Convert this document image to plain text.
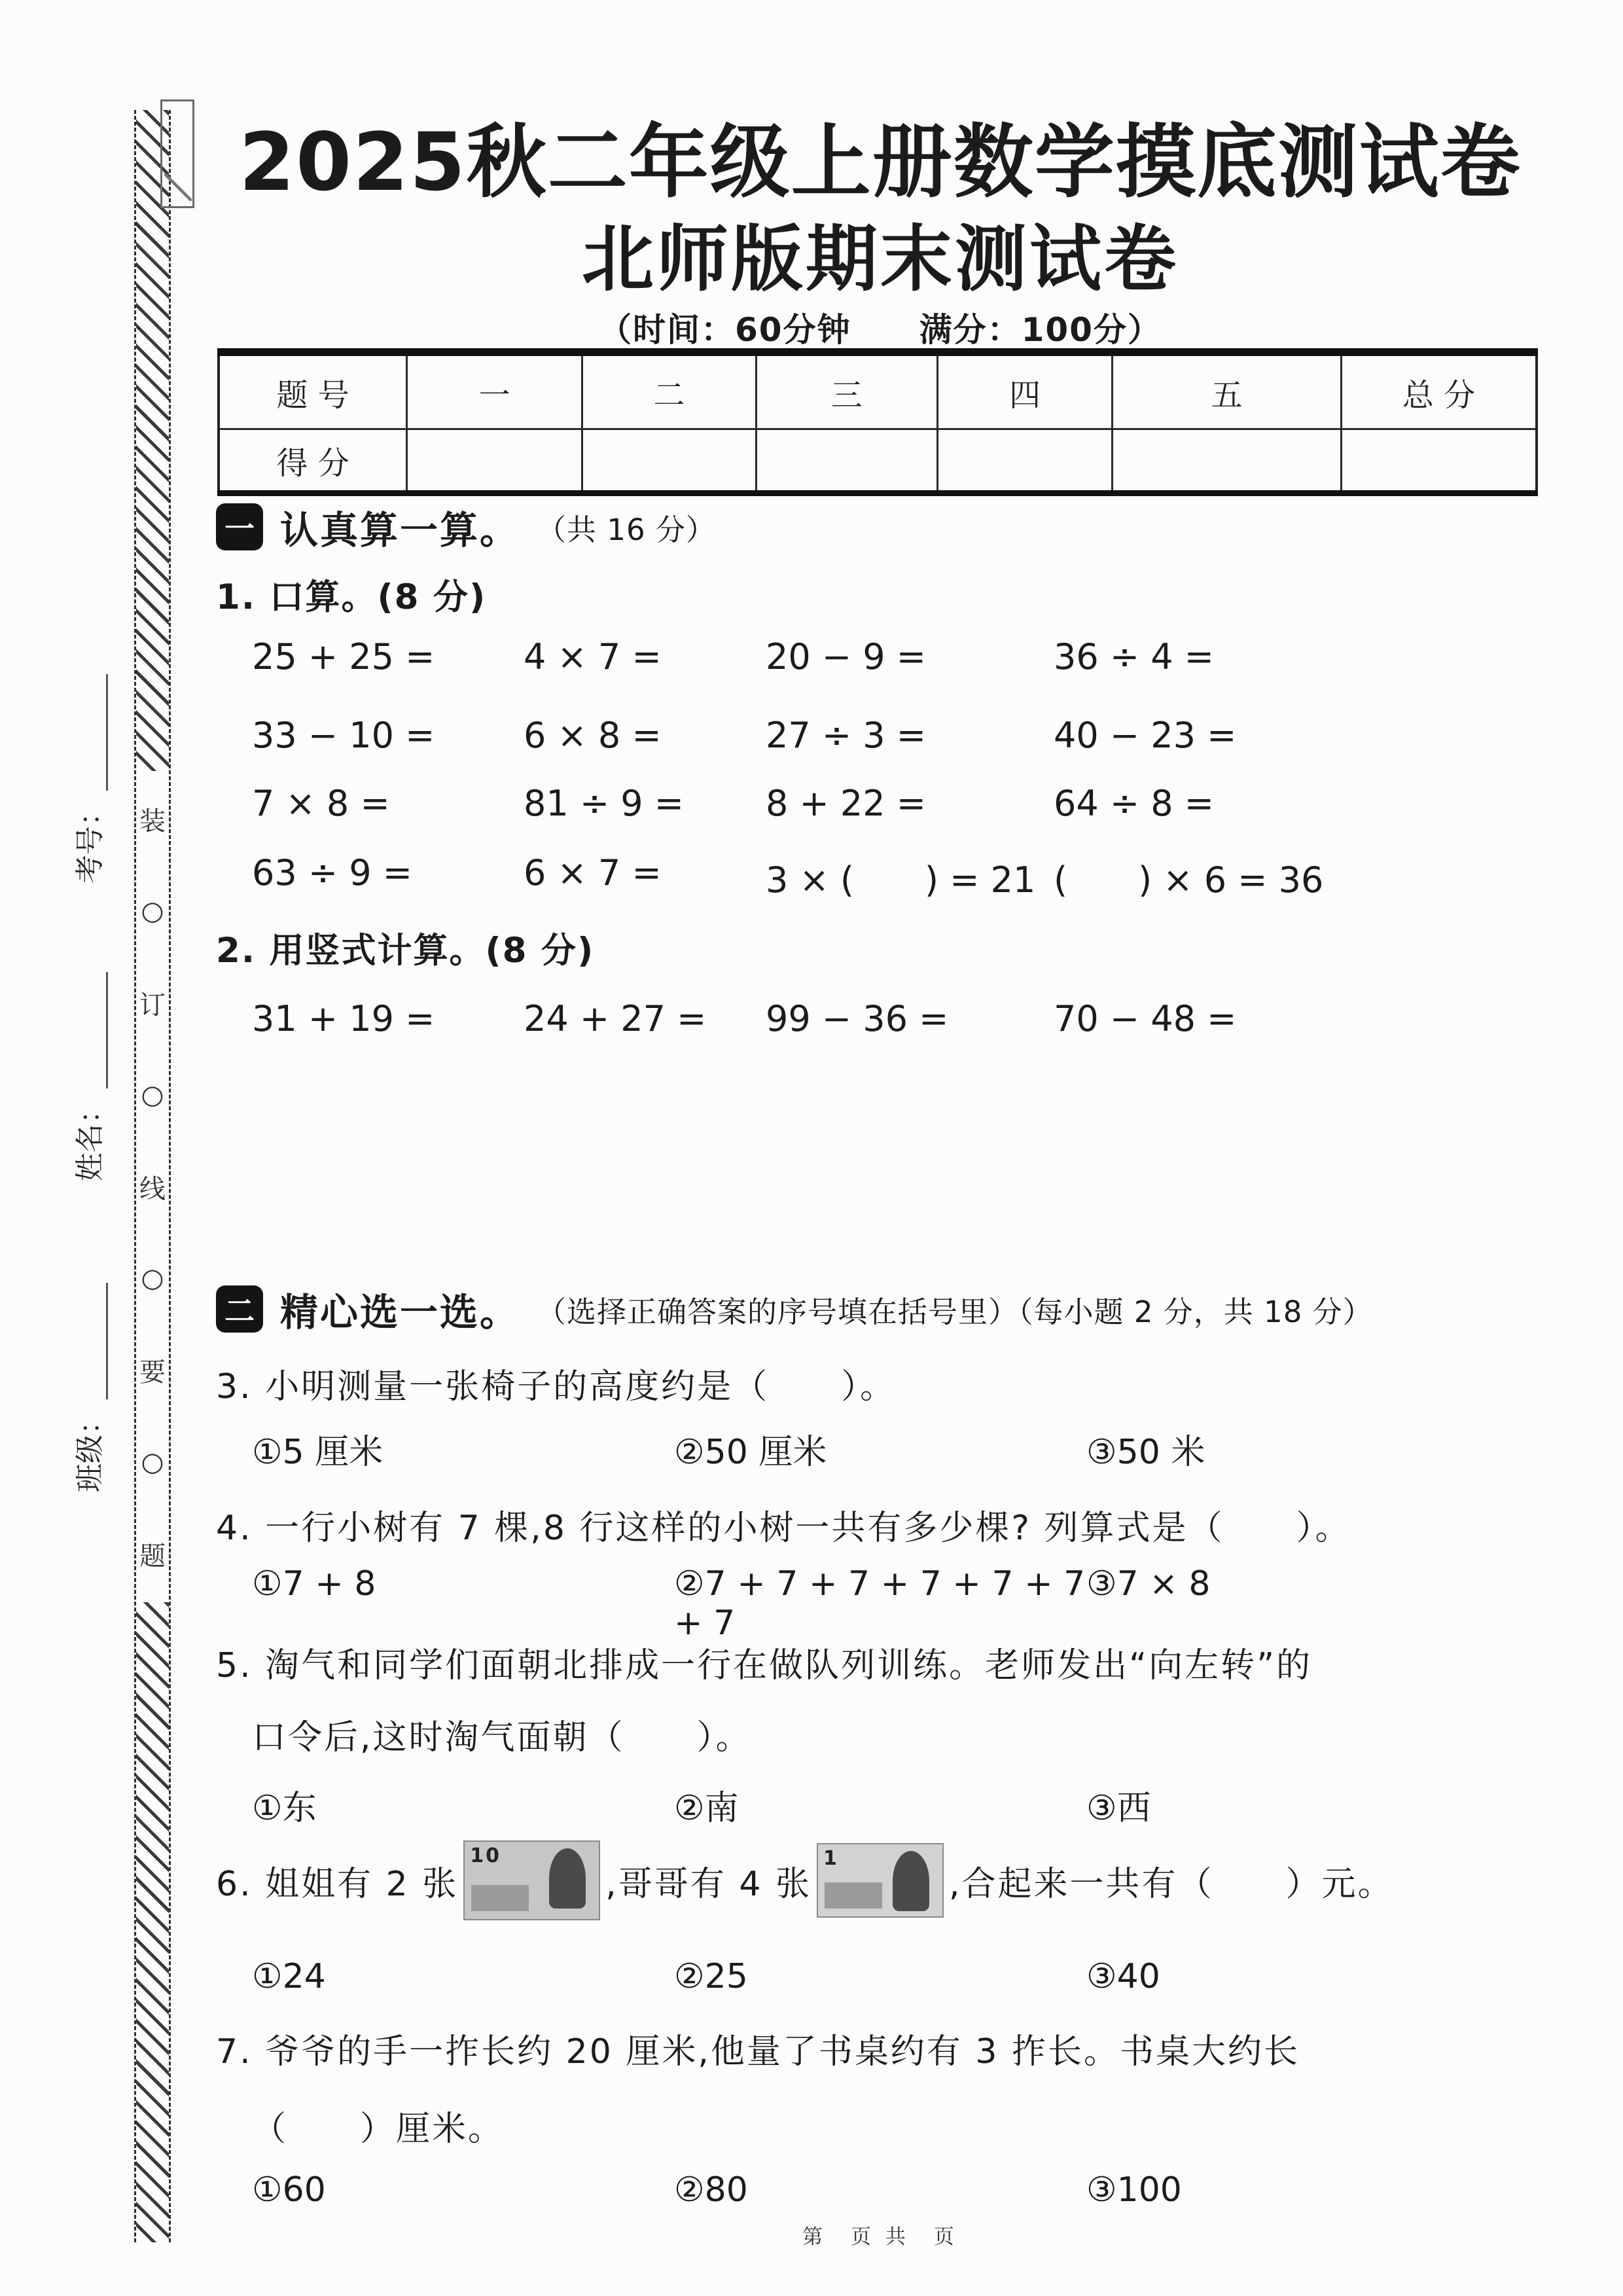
装
○
订
○
线
○
要
○
题
考号：
姓名：
班级：
2025秋二年级上册数学摸底测试卷
北师版期末测试卷
（时间：60分钟　　满分：100分）
题 号	一	二	三	四	五	总 分
得 分						
一 认真算一算。 （共 16 分）
1. 口算。(8 分)
25 + 25 =	4 × 7 =	20 − 9 =	36 ÷ 4 =
33 − 10 =	6 × 8 =	27 ÷ 3 =	40 − 23 =
7 × 8 =	81 ÷ 9 =	8 + 22 =	64 ÷ 8 =
63 ÷ 9 =	6 × 7 =	3 × (　　) = 21 (　　) × 6 = 36
2. 用竖式计算。(8 分)
31 + 19 =	24 + 27 =	99 − 36 =	70 − 48 =
二 精心选一选。 （选择正确答案的序号填在括号里）（每小题 2 分，共 18 分）
3. 小明测量一张椅子的高度约是（　　）。
①5 厘米	②50 厘米	③50 米
4. 一行小树有 7 棵,8 行这样的小树一共有多少棵? 列算式是（　　）。
①7 + 8	②7 + 7 + 7 + 7 + 7 + 7 + 7
③7 × 8
5. 淘气和同学们面朝北排成一行在做队列训练。老师发出“向左转”的
口令后,这时淘气面朝（　　）。
①东	②南	③西
6. 姐姐有 2 张
10
,哥哥有 4 张
1
,合起来一共有（　　）元。
①24	②25	③40
7. 爷爷的手一拃长约 20 厘米,他量了书桌约有 3 拃长。书桌大约长
（　　）厘米。
①60	②80	③100
第　页 共　页
